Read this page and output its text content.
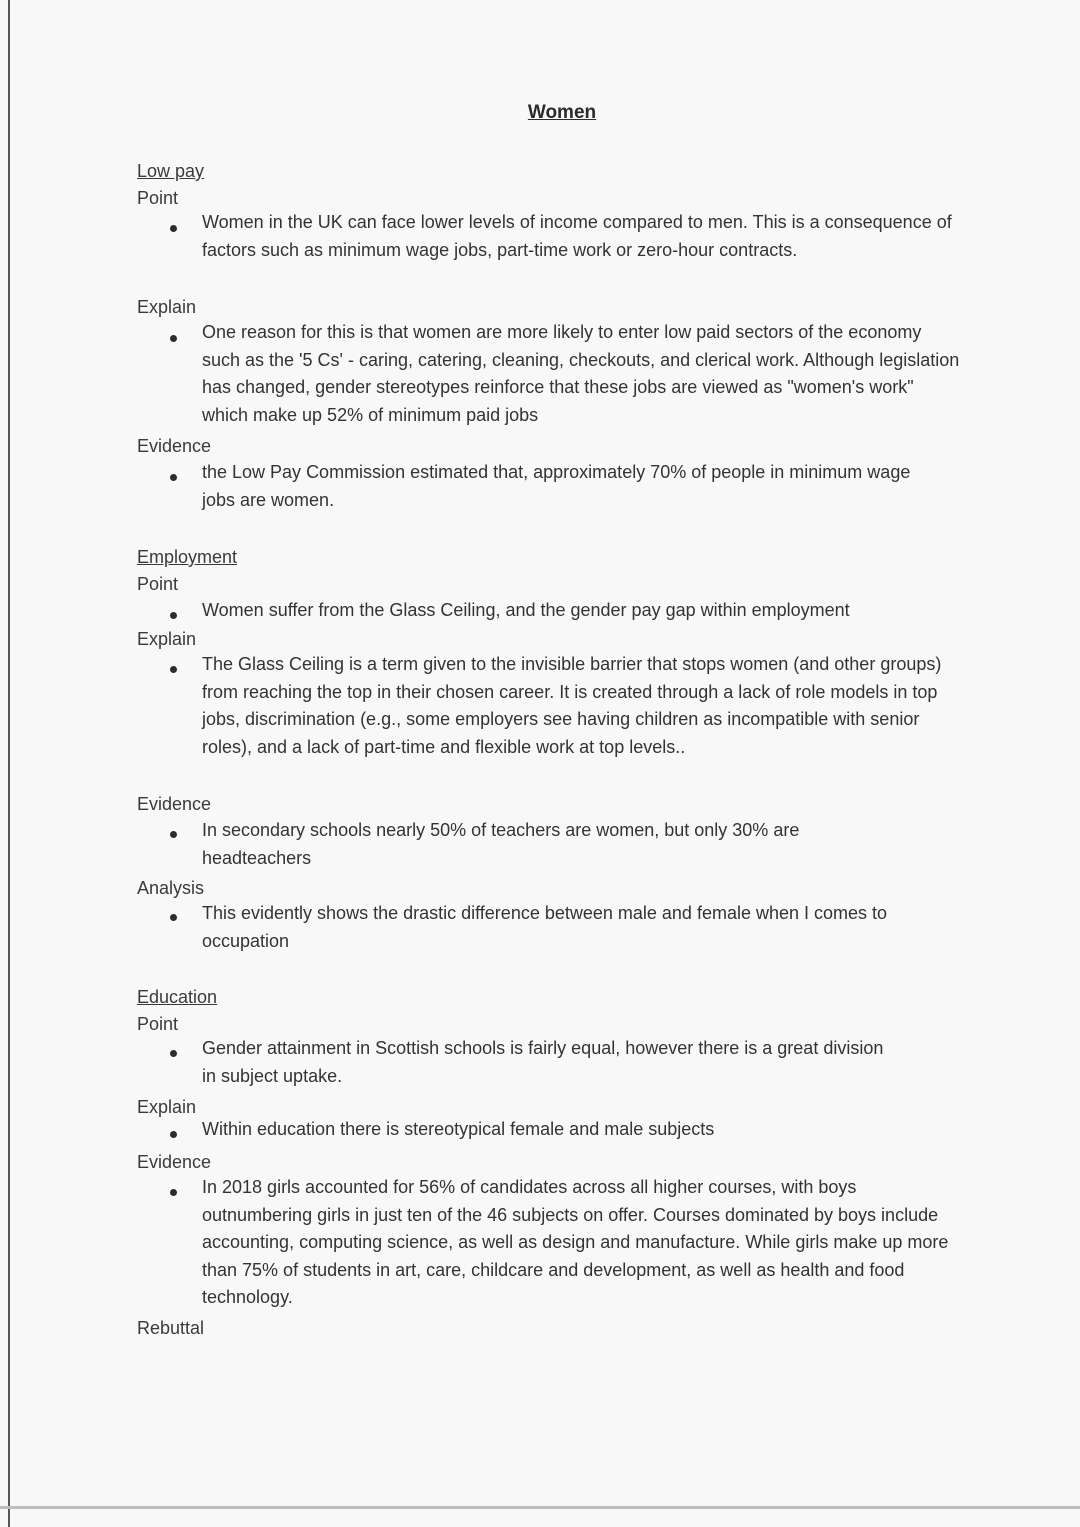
Women
Low pay
Point
Women in the UK can face lower levels of income compared to men. This is a consequence of factors such as minimum wage jobs, part-time work or zero-hour contracts.
Explain
One reason for this is that women are more likely to enter low paid sectors of the economy such as the '5 Cs' - caring, catering, cleaning, checkouts, and clerical work. Although legislation has changed, gender stereotypes reinforce that these jobs are viewed as "women's work" which make up 52% of minimum paid jobs
Evidence
the Low Pay Commission estimated that, approximately 70% of people in minimum wage jobs are women.
Employment
Point
Women suffer from the Glass Ceiling, and the gender pay gap within employment
Explain
The Glass Ceiling is a term given to the invisible barrier that stops women (and other groups) from reaching the top in their chosen career. It is created through a lack of role models in top jobs, discrimination (e.g., some employers see having children as incompatible with senior roles), and a lack of part-time and flexible work at top levels..
Evidence
In secondary schools nearly 50% of teachers are women, but only 30% are headteachers
Analysis
This evidently shows the drastic difference between male and female when I comes to occupation
Education
Point
Gender attainment in Scottish schools is fairly equal, however there is a great division in subject uptake.
Explain
Within education there is stereotypical female and male subjects
Evidence
In 2018 girls accounted for 56% of candidates across all higher courses, with boys outnumbering girls in just ten of the 46 subjects on offer. Courses dominated by boys include accounting, computing science, as well as design and manufacture. While girls make up more than 75% of students in art, care, childcare and development, as well as health and food technology.
Rebuttal
